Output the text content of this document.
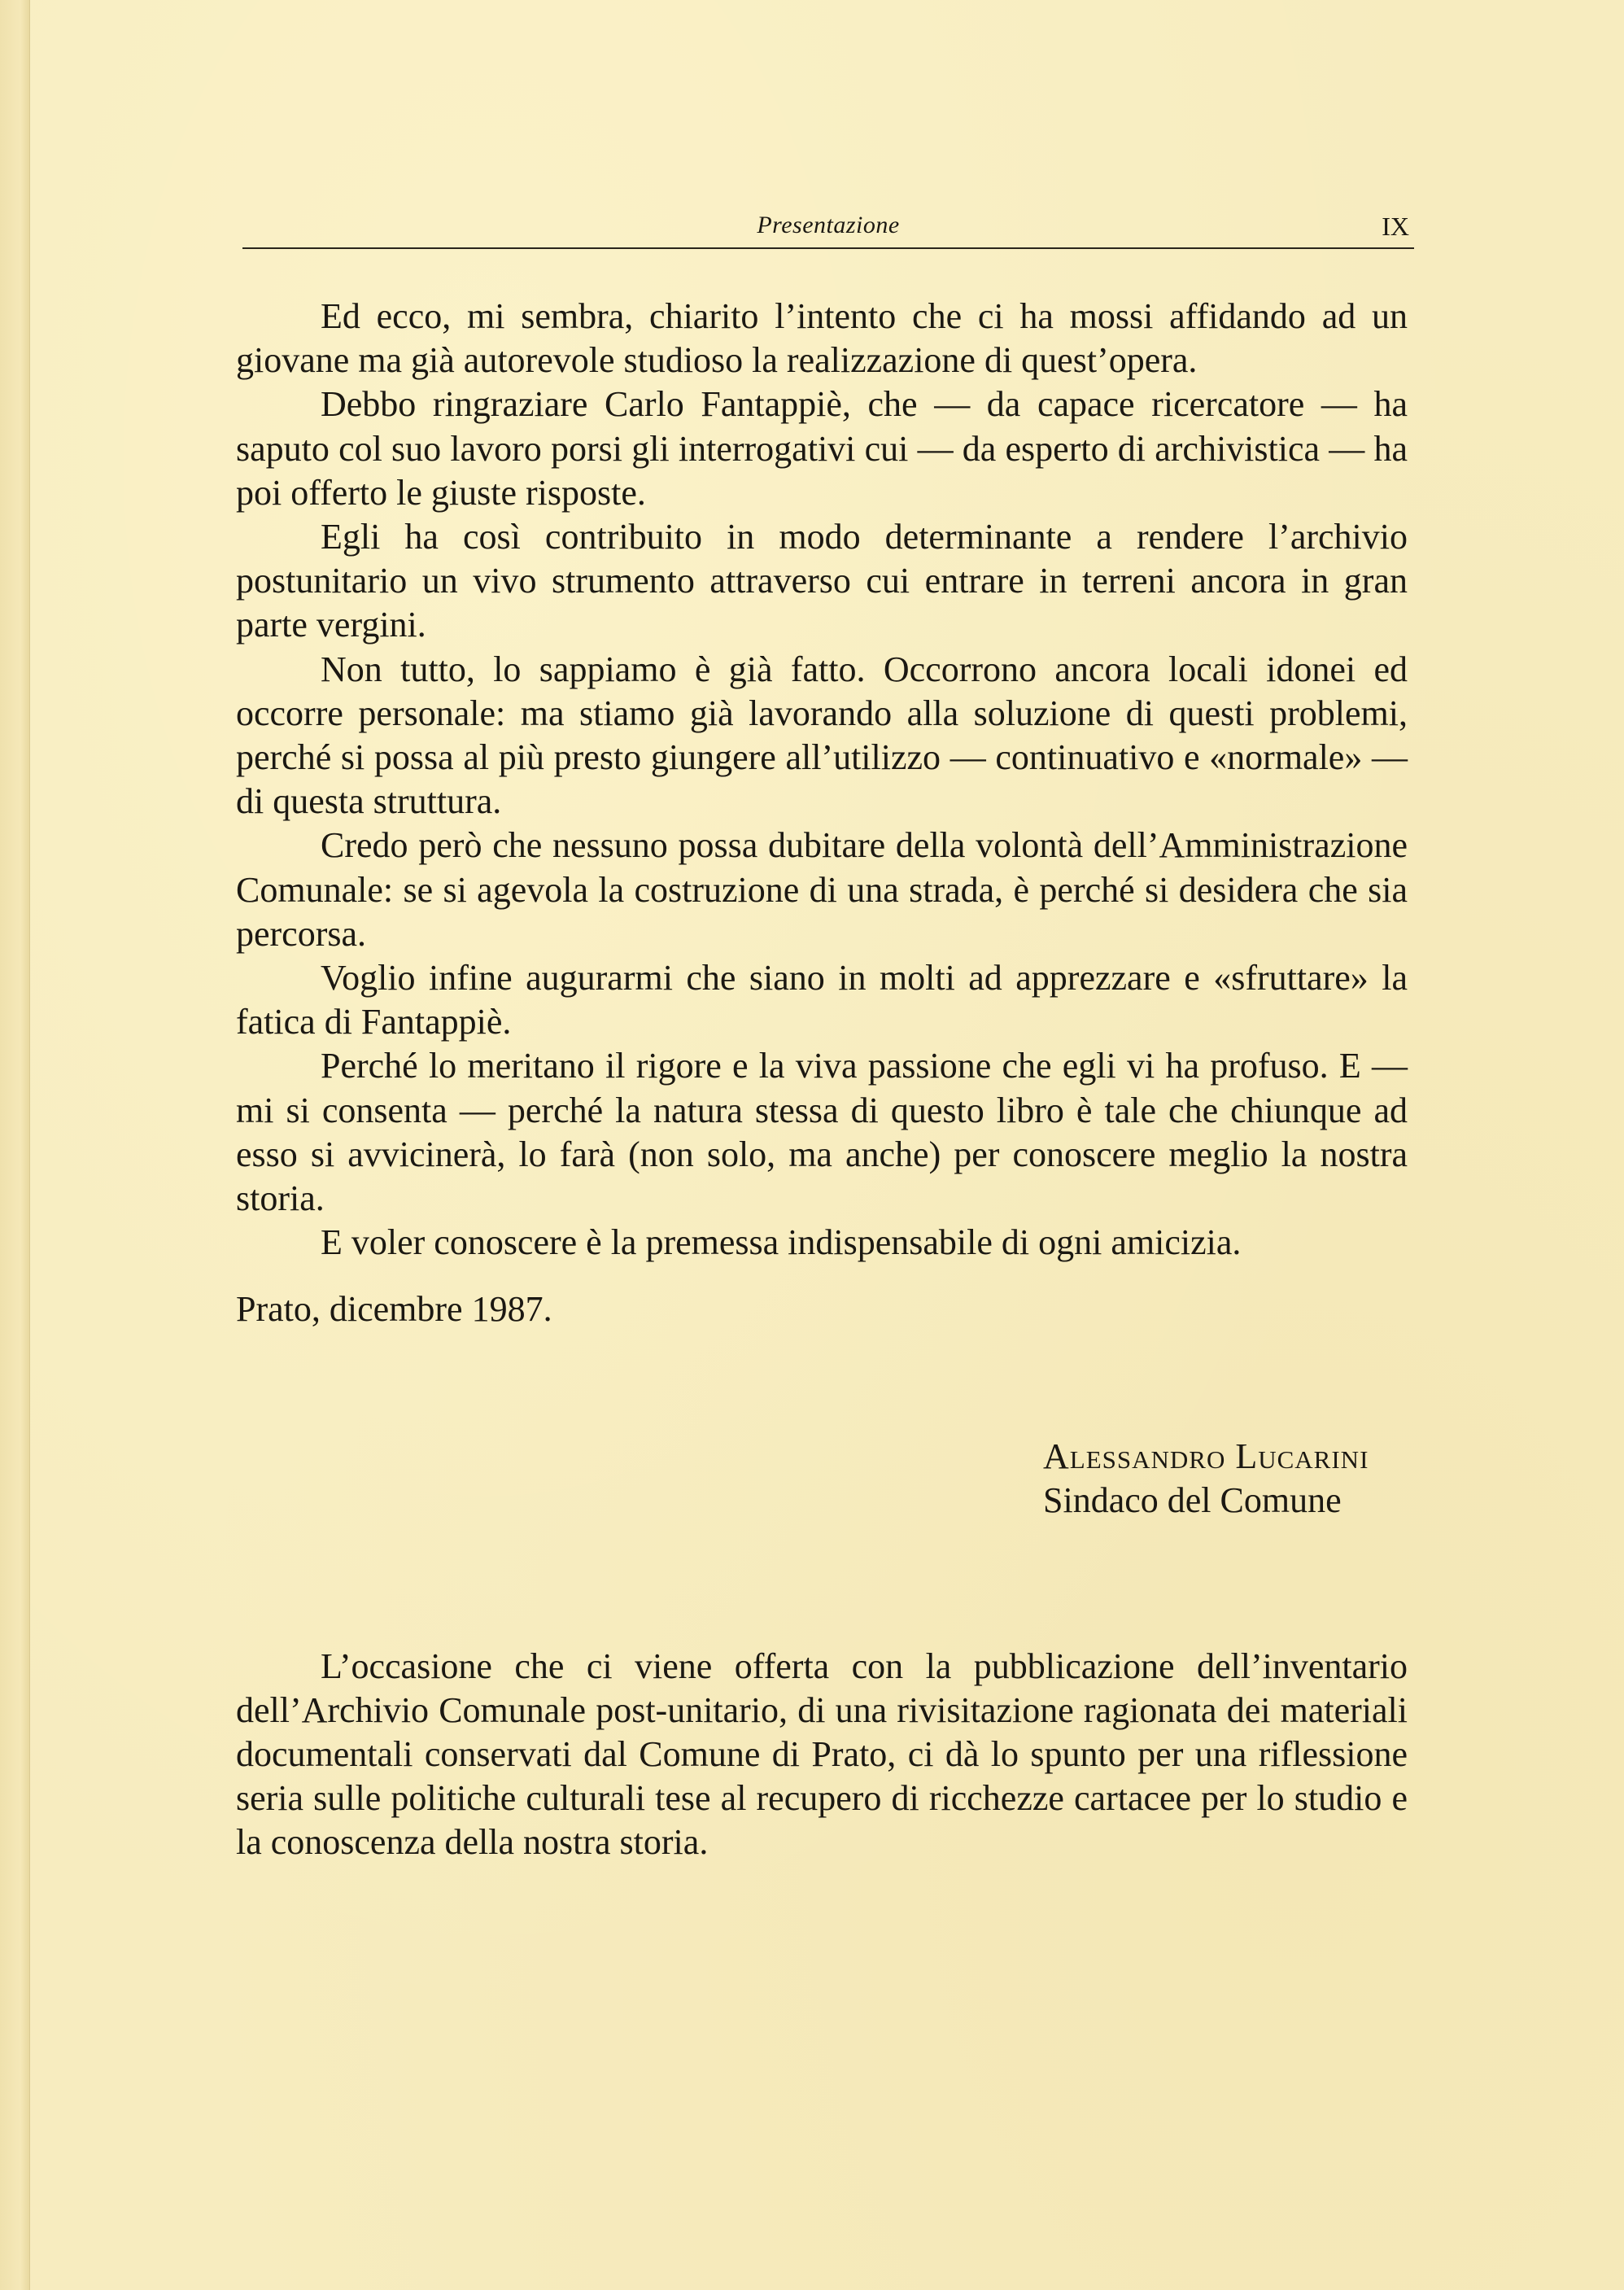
Presentazione	IX

Ed ecco, mi sembra, chiarito l’intento che ci ha mossi affidando ad un giovane ma già autorevole studioso la realizzazione di quest’opera.

Debbo ringraziare Carlo Fantappiè, che — da capace ricercatore — ha saputo col suo lavoro porsi gli interrogativi cui — da esperto di archivistica — ha poi offerto le giuste risposte.

Egli ha così contribuito in modo determinante a rendere l’archivio postunitario un vivo strumento attraverso cui entrare in terreni ancora in gran parte vergini.

Non tutto, lo sappiamo è già fatto. Occorrono ancora locali idonei ed occorre personale: ma stiamo già lavorando alla soluzione di questi problemi, perché si possa al più presto giungere all’utilizzo — continuativo e «normale» — di questa struttura.

Credo però che nessuno possa dubitare della volontà dell’Amministrazione Comunale: se si agevola la costruzione di una strada, è perché si desidera che sia percorsa.

Voglio infine augurarmi che siano in molti ad apprezzare e «sfruttare» la fatica di Fantappiè.

Perché lo meritano il rigore e la viva passione che egli vi ha profuso. E — mi si consenta — perché la natura stessa di questo libro è tale che chiunque ad esso si avvicinerà, lo farà (non solo, ma anche) per conoscere meglio la nostra storia.

E voler conoscere è la premessa indispensabile di ogni amicizia.

Prato, dicembre 1987.

Alessandro Lucarini
Sindaco del Comune

L’occasione che ci viene offerta con la pubblicazione dell’inventario dell’Archivio Comunale post-unitario, di una rivisitazione ragionata dei materiali documentali conservati dal Comune di Prato, ci dà lo spunto per una riflessione seria sulle politiche culturali tese al recupero di ricchezze cartacee per lo studio e la conoscenza della nostra storia.
